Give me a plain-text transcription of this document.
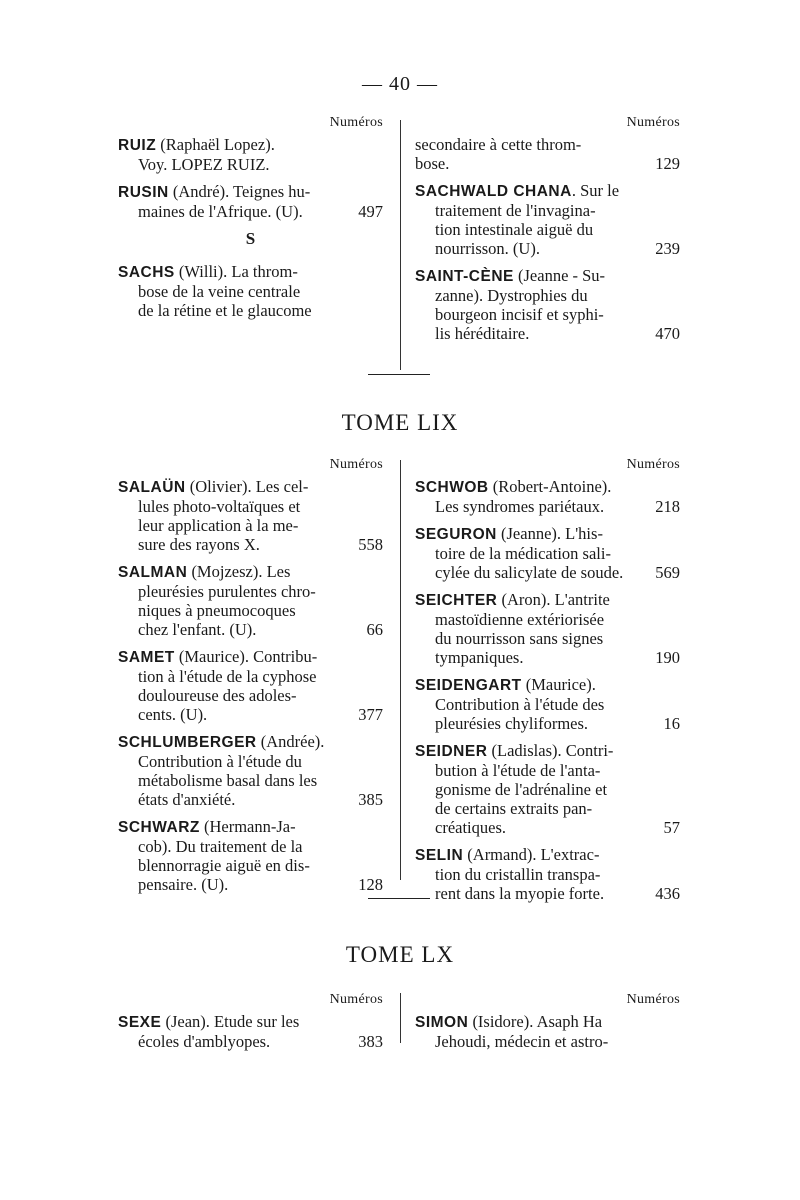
— 40 —
Numéros
RUIZ (Raphaël Lopez).
Voy. LOPEZ RUIZ.
RUSIN (André). Teignes hu-
maines de l'Afrique. (U).	497
S
SACHS (Willi). La throm-
bose de la veine centrale
de la rétine et le glaucome
Numéros
secondaire à cette throm-
bose.	129
SACHWALD CHANA. Sur le
traitement de l'invagina-
tion intestinale aiguë du
nourrisson. (U).	239
SAINT-CÈNE (Jeanne - Su-
zanne). Dystrophies du
bourgeon incisif et syphi-
lis héréditaire.	470
TOME LIX
Numéros
SALAÜN (Olivier). Les cel-
lules photo-voltaïques et
leur application à la me-
sure des rayons X.	558
SALMAN (Mojzesz). Les
pleurésies purulentes chro-
niques à pneumocoques
chez l'enfant. (U).	66
SAMET (Maurice). Contribu-
tion à l'étude de la cyphose
douloureuse des adoles-
cents. (U).	377
SCHLUMBERGER (Andrée).
Contribution à l'étude du
métabolisme basal dans les
états d'anxiété.	385
SCHWARZ (Hermann-Ja-
cob). Du traitement de la
blennorragie aiguë en dis-
pensaire. (U).	128
Numéros
SCHWOB (Robert-Antoine).
Les syndromes pariétaux.	218
SEGURON (Jeanne). L'his-
toire de la médication sali-
cylée du salicylate de soude.	569
SEICHTER (Aron). L'antrite
mastoïdienne extériorisée
du nourrisson sans signes
tympaniques.	190
SEIDENGART (Maurice).
Contribution à l'étude des
pleurésies chyliformes.	16
SEIDNER (Ladislas). Contri-
bution à l'étude de l'anta-
gonisme de l'adrénaline et
de certains extraits pan-
créatiques.	57
SELIN (Armand). L'extrac-
tion du cristallin transpa-
rent dans la myopie forte.	436
TOME LX
Numéros
SEXE (Jean). Etude sur les
écoles d'amblyopes.	383
Numéros
SIMON (Isidore). Asaph Ha
Jehoudi, médecin et astro-
